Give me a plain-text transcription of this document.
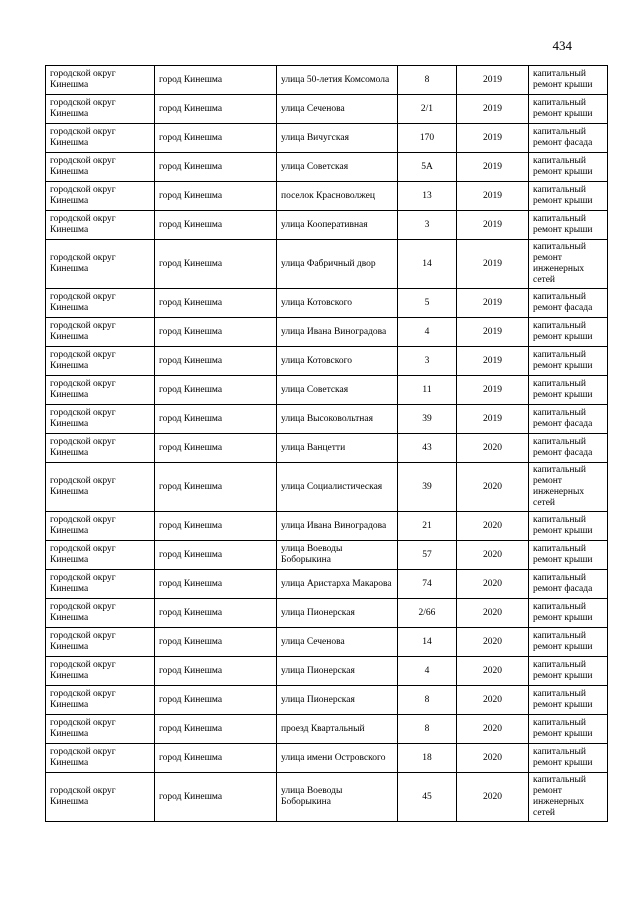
434
городской округ Кинешма	город Кинешма	улица 50-летия Комсомола	8	2019	капитальный ремонт крыши
городской округ Кинешма	город Кинешма	улица Сеченова	2/1	2019	капитальный ремонт крыши
городской округ Кинешма	город Кинешма	улица Вичугская	170	2019	капитальный ремонт фасада
городской округ Кинешма	город Кинешма	улица Советская	5А	2019	капитальный ремонт крыши
городской округ Кинешма	город Кинешма	поселок Красноволжец	13	2019	капитальный ремонт крыши
городской округ Кинешма	город Кинешма	улица Кооперативная	3	2019	капитальный ремонт крыши
городской округ Кинешма	город Кинешма	улица Фабричный двор	14	2019	капитальный ремонт инженерных сетей
городской округ Кинешма	город Кинешма	улица Котовского	5	2019	капитальный ремонт фасада
городской округ Кинешма	город Кинешма	улица Ивана Виноградова	4	2019	капитальный ремонт крыши
городской округ Кинешма	город Кинешма	улица Котовского	3	2019	капитальный ремонт крыши
городской округ Кинешма	город Кинешма	улица Советская	11	2019	капитальный ремонт крыши
городской округ Кинешма	город Кинешма	улица Высоковольтная	39	2019	капитальный ремонт фасада
городской округ Кинешма	город Кинешма	улица Ванцетти	43	2020	капитальный ремонт фасада
городской округ Кинешма	город Кинешма	улица Социалистическая	39	2020	капитальный ремонт инженерных сетей
городской округ Кинешма	город Кинешма	улица Ивана Виноградова	21	2020	капитальный ремонт крыши
городской округ Кинешма	город Кинешма	улица Воеводы Боборыкина	57	2020	капитальный ремонт крыши
городской округ Кинешма	город Кинешма	улица Аристарха Макарова	74	2020	капитальный ремонт фасада
городской округ Кинешма	город Кинешма	улица Пионерская	2/66	2020	капитальный ремонт крыши
городской округ Кинешма	город Кинешма	улица Сеченова	14	2020	капитальный ремонт крыши
городской округ Кинешма	город Кинешма	улица Пионерская	4	2020	капитальный ремонт крыши
городской округ Кинешма	город Кинешма	улица Пионерская	8	2020	капитальный ремонт крыши
городской округ Кинешма	город Кинешма	проезд Квартальный	8	2020	капитальный ремонт крыши
городской округ Кинешма	город Кинешма	улица имени Островского	18	2020	капитальный ремонт крыши
городской округ Кинешма	город Кинешма	улица Воеводы Боборыкина	45	2020	капитальный ремонт инженерных сетей
